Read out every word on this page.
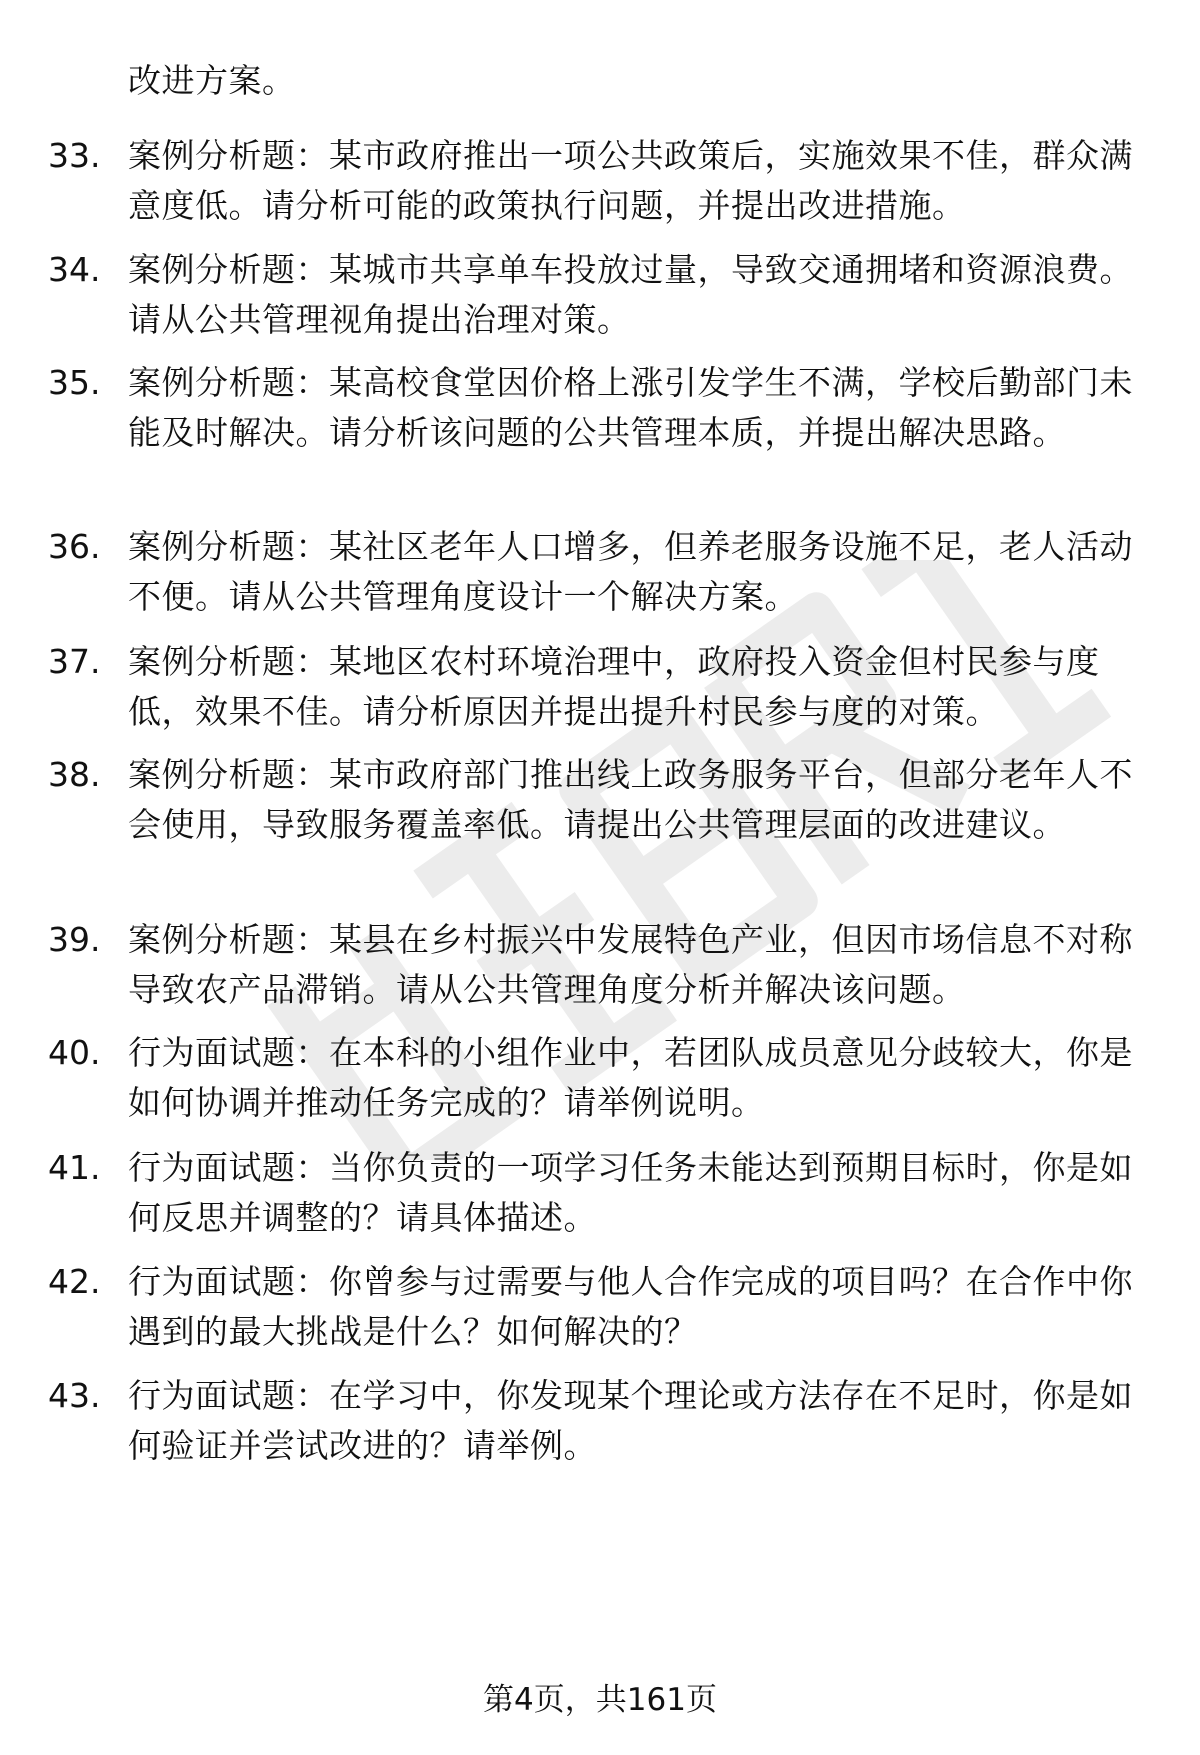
改进方案。
33. 案例分析题：某市政府推出一项公共政策后，实施效果不佳，群众满意度低。请分析可能的政策执行问题，并提出改进措施。
34. 案例分析题：某城市共享单车投放过量，导致交通拥堵和资源浪费。请从公共管理视角提出治理对策。
35. 案例分析题：某高校食堂因价格上涨引发学生不满，学校后勤部门未能及时解决。请分析该问题的公共管理本质，并提出解决思路。
36. 案例分析题：某社区老年人口增多，但养老服务设施不足，老人活动不便。请从公共管理角度设计一个解决方案。
37. 案例分析题：某地区农村环境治理中，政府投入资金但村民参与度低，效果不佳。请分析原因并提出提升村民参与度的对策。
38. 案例分析题：某市政府部门推出线上政务服务平台，但部分老年人不会使用，导致服务覆盖率低。请提出公共管理层面的改进建议。
39. 案例分析题：某县在乡村振兴中发展特色产业，但因市场信息不对称导致农产品滞销。请从公共管理角度分析并解决该问题。
40. 行为面试题：在本科的小组作业中，若团队成员意见分歧较大，你是如何协调并推动任务完成的？请举例说明。
41. 行为面试题：当你负责的一项学习任务未能达到预期目标时，你是如何反思并调整的？请具体描述。
42. 行为面试题：你曾参与过需要与他人合作完成的项目吗？在合作中你遇到的最大挑战是什么？如何解决的？
43. 行为面试题：在学习中，你发现某个理论或方法存在不足时，你是如何验证并尝试改进的？请举例。
第4页，共161页
